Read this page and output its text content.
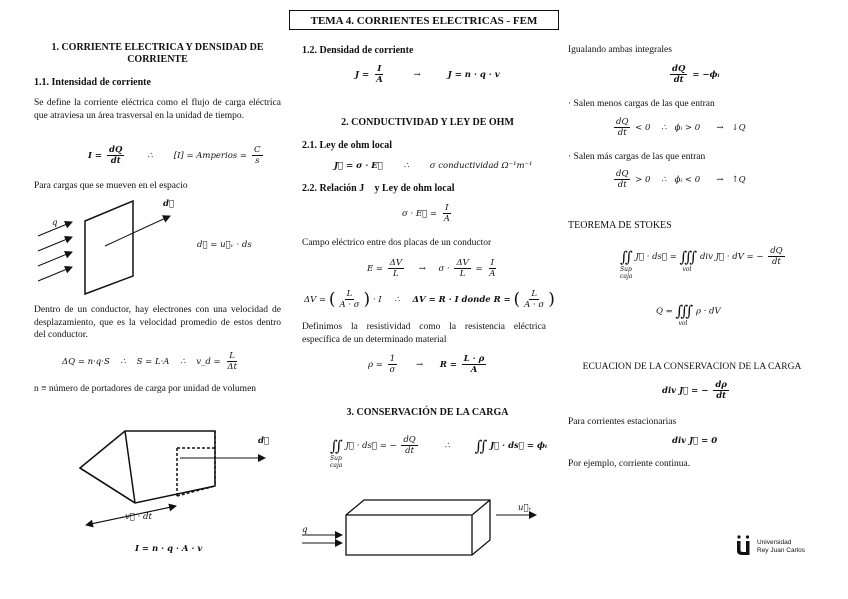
TEMA 4. CORRIENTES ELECTRICAS - FEM
1. CORRIENTE ELECTRICA Y DENSIDAD DE CORRIENTE
1.1. Intensidad de corriente
Se define la corriente eléctrica como el flujo de carga eléctrica que atraviesa un área trasversal en la unidad de tiempo.
$I = \frac{dQ}{dt}$	∴ [I] = Amperios = $\frac{C}{s}$
Para cargas que se mueven en el espacio
q
d⃗
d⃗ = u⃗ᵥ · ds
Dentro de un conductor, hay electrones con una velocidad de desplazamiento, que es la velocidad promedio de estos dentro del conductor.
ΔQ = n·q·S ∴ S = L·A ∴ v_d = $\frac{L}{\Delta t}$
n ≡ número de portadores de carga por unidad de volumen
d⃗
v⃗ · dt
I = n · q · A · v
1.2. Densidad de corriente
$J = \frac{I}{A}$	→	J = n · q · v
2. CONDUCTIVIDAD Y LEY DE OHM
2.1. Ley de ohm local
J⃗ = σ · E⃗ ∴ σ conductividad Ω⁻¹m⁻¹
2.2. Relación J⃗ y Ley de ohm local
σ · E⃗ = $\frac{I}{A}$
Campo eléctrico entre dos placas de un conductor
$E = \frac{\Delta V}{L} \to \sigma \cdot \frac{\Delta V}{L} = \frac{I}{A}$
ΔV = ( $\frac{L}{A \cdot \sigma}$ ) · I ∴ ΔV = R · I donde R = ( $\frac{L}{A \cdot \sigma}$ )
Definimos la resistividad como la resistencia eléctrica específica de un determinado material
$\rho = \frac{1}{\sigma} \to R = \frac{L \cdot \rho}{A}$
3. CONSERVACIÓN DE LA CARGA
∬
Sup
caja
J⃗ · ds⃗ = − $\frac{dQ}{dt}$	∴ ∬ J⃗ · ds⃗ = ϕᵢ
q
u⃗ᵥ
Igualando ambas integrales
$\frac{dQ}{dt}$ = −ϕᵢ
· Salen menos cargas de las que entran
$\frac{dQ}{dt} < 0$    ∴   ϕᵢ > 0      →   ↓Q
· Salen más cargas de las que entran
$\frac{dQ}{dt} > 0$    ∴   ϕᵢ < 0      →   ↑Q
TEOREMA DE STOKES
∬
Sup
caja
J⃗ · ds⃗ = ∭
vol
div J⃗ · dV = − $\frac{dQ}{dt}$
Q = ∭
vol
ρ · dV
ECUACION DE LA CONSERVACION DE LA CARGA
div J⃗ = − $\frac{d\rho}{dt}$
Para corrientes estacionarias
div J⃗ = 0
Por ejemplo, corriente continua.
Universidad
Rey Juan Carlos
